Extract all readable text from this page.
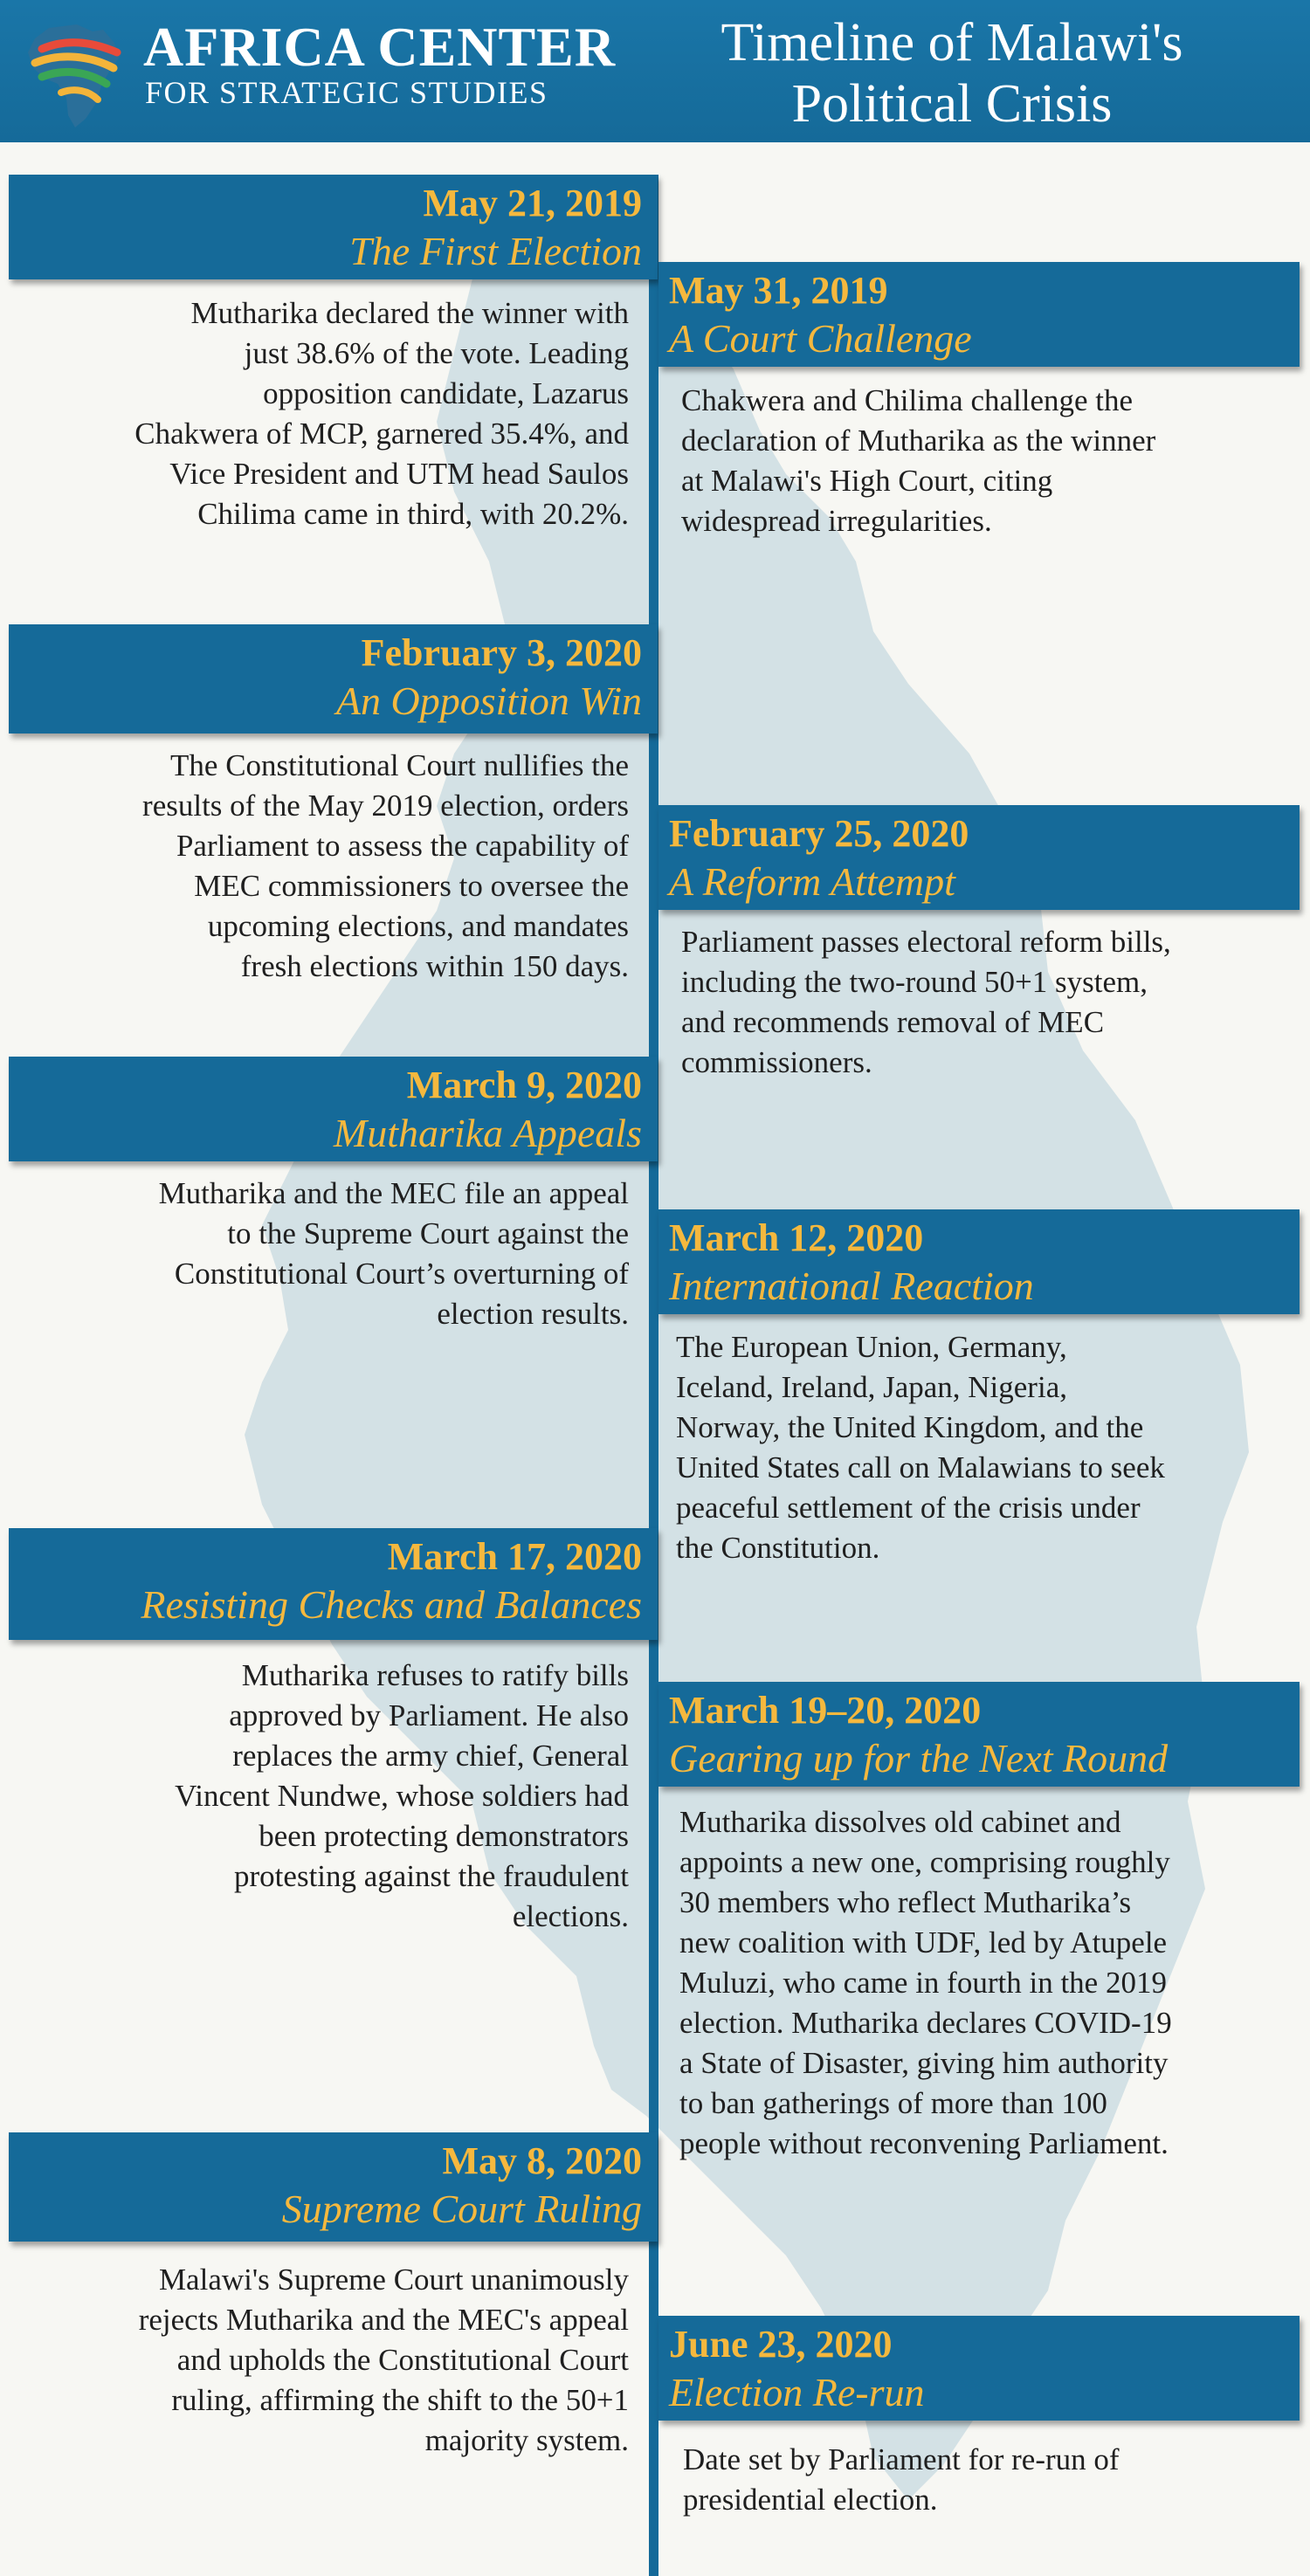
AFRICA CENTER
FOR STRATEGIC STUDIES
Timeline of Malawi's
Political Crisis
May 21, 2019
The First Election
Mutharika declared the winner with
just 38.6% of the vote. Leading
opposition candidate, Lazarus
Chakwera of MCP, garnered 35.4%, and
Vice President and UTM head Saulos
Chilima came in third, with 20.2%.
May 31, 2019
A Court Challenge
Chakwera and Chilima challenge the
declaration of Mutharika as the winner
at Malawi's High Court, citing
widespread irregularities.
February 3, 2020
An Opposition Win
The Constitutional Court nullifies the
results of the May 2019 election, orders
Parliament to assess the capability of
MEC commissioners to oversee the
upcoming elections, and mandates
fresh elections within 150 days.
February 25, 2020
A Reform Attempt
Parliament passes electoral reform bills,
including the two-round 50+1 system,
and recommends removal of MEC
commissioners.
March 9, 2020
Mutharika Appeals
Mutharika and the MEC file an appeal
to the Supreme Court against the
Constitutional Court’s overturning of
election results.
March 12, 2020
International Reaction
The European Union, Germany,
Iceland, Ireland, Japan, Nigeria,
Norway, the United Kingdom, and the
United States call on Malawians to seek
peaceful settlement of the crisis under
the Constitution.
March 17, 2020
Resisting Checks and Balances
Mutharika refuses to ratify bills
approved by Parliament. He also
replaces the army chief, General
Vincent Nundwe, whose soldiers had
been protecting demonstrators
protesting against the fraudulent
elections.
March 19–20, 2020
Gearing up for the Next Round
Mutharika dissolves old cabinet and
appoints a new one, comprising roughly
30 members who reflect Mutharika’s
new coalition with UDF, led by Atupele
Muluzi, who came in fourth in the 2019
election. Mutharika declares COVID-19
a State of Disaster, giving him authority
to ban gatherings of more than 100
people without reconvening Parliament.
May 8, 2020
Supreme Court Ruling
Malawi's Supreme Court unanimously
rejects Mutharika and the MEC's appeal
and upholds the Constitutional Court
ruling, affirming the shift to the 50+1
majority system.
June 23, 2020
Election Re-run
Date set by Parliament for re-run of
presidential election.
